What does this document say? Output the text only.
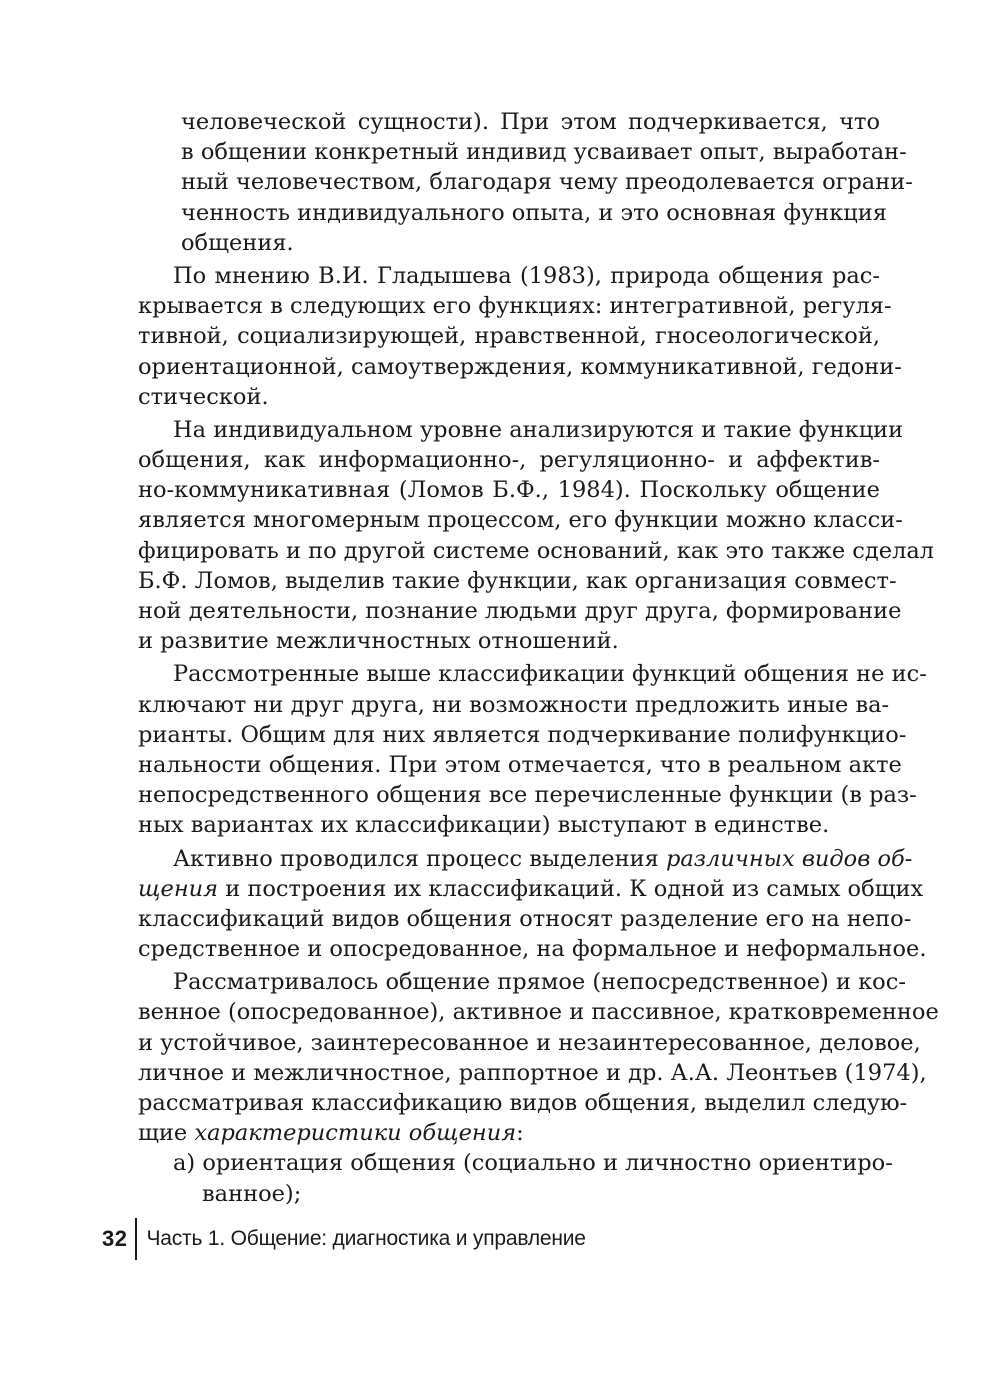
человеческой сущности). При этом подчеркивается, что
в общении конкретный индивид усваивает опыт, выработан-
ный человечеством, благодаря чему преодолевается ограни-
ченность индивидуального опыта, и это основная функция
общения.
По мнению В.И. Гладышева (1983), природа общения рас-
крывается в следующих его функциях: интегративной, регуля-
тивной, социализирующей, нравственной, гносеологической,
ориентационной, самоутверждения, коммуникативной, гедони-
стической.
На индивидуальном уровне анализируются и такие функции
общения, как информационно-, регуляционно- и аффектив-
но-коммуникативная (Ломов Б.Ф., 1984). Поскольку общение
является многомерным процессом, его функции можно класси-
фицировать и по другой системе оснований, как это также сделал
Б.Ф. Ломов, выделив такие функции, как организация совмест-
ной деятельности, познание людьми друг друга, формирование
и развитие межличностных отношений.
Рассмотренные выше классификации функций общения не ис-
ключают ни друг друга, ни возможности предложить иные ва-
рианты. Общим для них является подчеркивание полифункцио-
нальности общения. При этом отмечается, что в реальном акте
непосредственного общения все перечисленные функции (в раз-
ных вариантах их классификации) выступают в единстве.
Активно проводился процесс выделения различных видов об-
щения и построения их классификаций. К одной из самых общих
классификаций видов общения относят разделение его на непо-
средственное и опосредованное, на формальное и неформальное.
Рассматривалось общение прямое (непосредственное) и кос-
венное (опосредованное), активное и пассивное, кратковременное
и устойчивое, заинтересованное и незаинтересованное, деловое,
личное и межличностное, раппортное и др. А.А. Леонтьев (1974),
рассматривая классификацию видов общения, выделил следую-
щие характеристики общения:
а) ориентация общения (социально и личностно ориентиро-
ванное);
32 Часть 1. Общение: диагностика и управление
